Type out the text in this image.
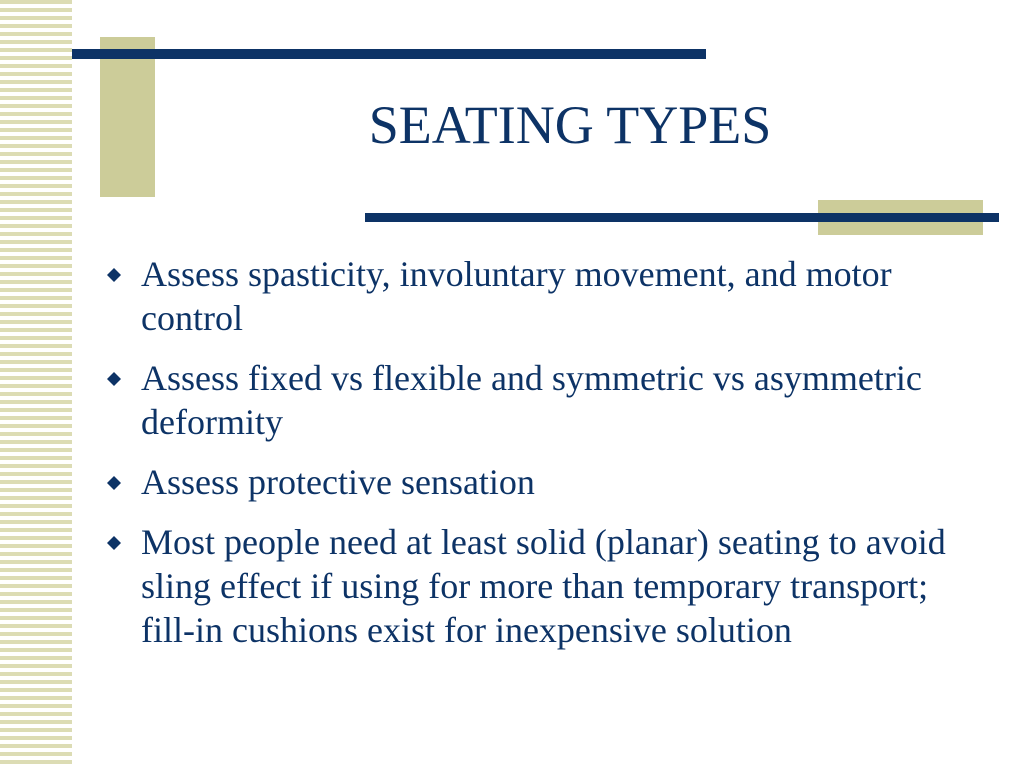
SEATING TYPES
Assess spasticity, involuntary movement, and motor control
Assess fixed vs flexible and symmetric vs asymmetric deformity
Assess protective sensation
Most people need at least solid (planar) seating to avoid sling effect if using for more than temporary transport; fill-in cushions exist for inexpensive solution
